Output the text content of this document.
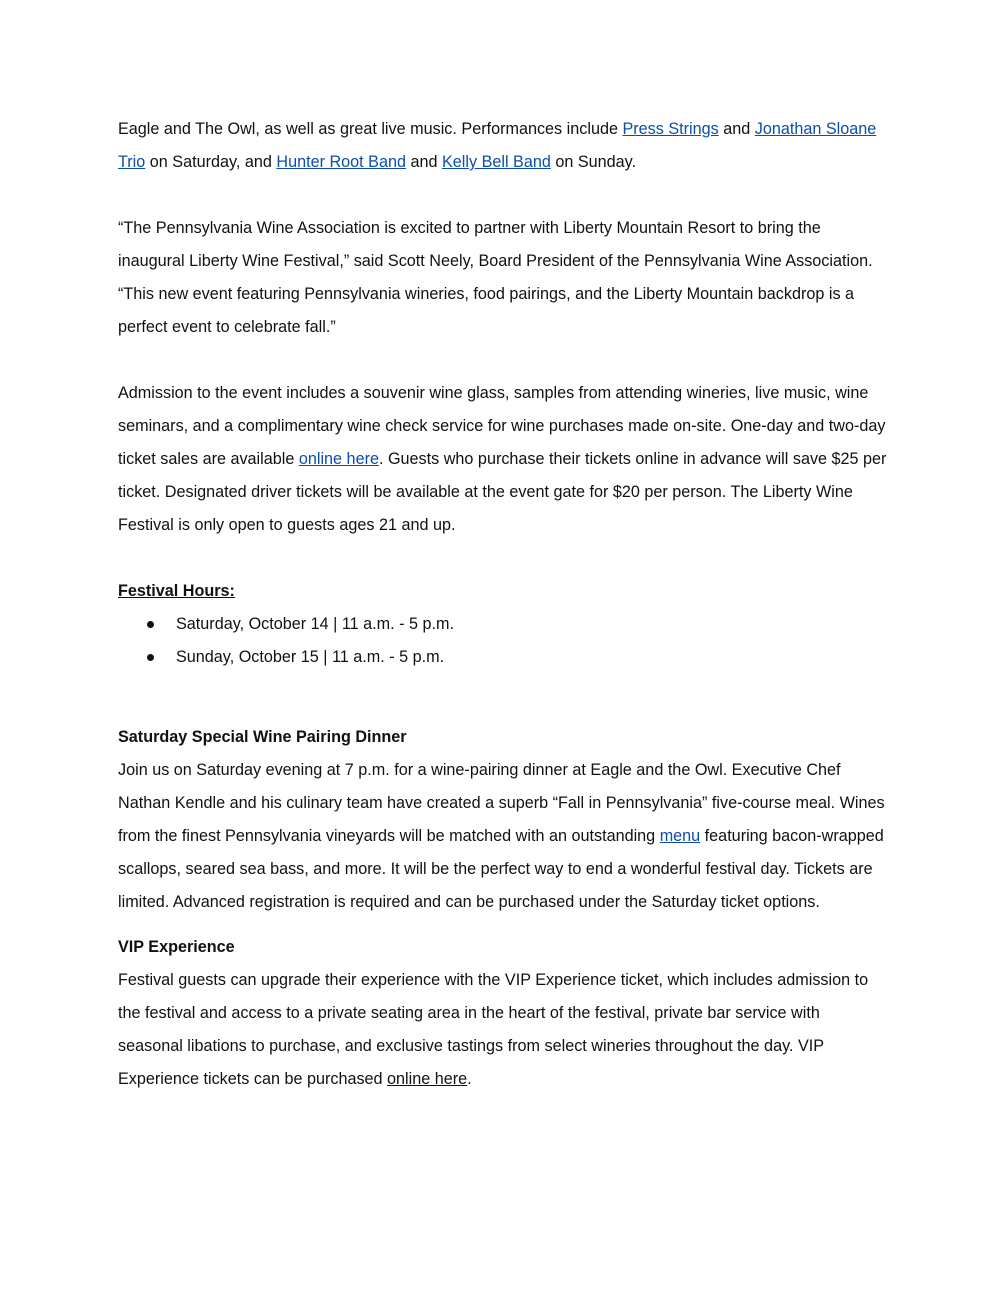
Eagle and The Owl, as well as great live music. Performances include Press Strings and Jonathan Sloane Trio on Saturday, and Hunter Root Band and Kelly Bell Band on Sunday.

“The Pennsylvania Wine Association is excited to partner with Liberty Mountain Resort to bring the inaugural Liberty Wine Festival,” said Scott Neely, Board President of the Pennsylvania Wine Association. “This new event featuring Pennsylvania wineries, food pairings, and the Liberty Mountain backdrop is a perfect event to celebrate fall.”

Admission to the event includes a souvenir wine glass, samples from attending wineries, live music, wine seminars, and a complimentary wine check service for wine purchases made on-site. One-day and two-day ticket sales are available online here. Guests who purchase their tickets online in advance will save $25 per ticket. Designated driver tickets will be available at the event gate for $20 per person. The Liberty Wine Festival is only open to guests ages 21 and up.

Festival Hours:

Saturday, October 14 | 11 a.m. - 5 p.m.
Sunday, October 15 | 11 a.m. - 5 p.m.

Saturday Special Wine Pairing Dinner

Join us on Saturday evening at 7 p.m. for a wine-pairing dinner at Eagle and the Owl. Executive Chef Nathan Kendle and his culinary team have created a superb “Fall in Pennsylvania” five-course meal. Wines from the finest Pennsylvania vineyards will be matched with an outstanding menu featuring bacon-wrapped scallops, seared sea bass, and more. It will be the perfect way to end a wonderful festival day. Tickets are limited. Advanced registration is required and can be purchased under the Saturday ticket options.

VIP Experience

Festival guests can upgrade their experience with the VIP Experience ticket, which includes admission to the festival and access to a private seating area in the heart of the festival, private bar service with seasonal libations to purchase, and exclusive tastings from select wineries throughout the day. VIP Experience tickets can be purchased online here.
